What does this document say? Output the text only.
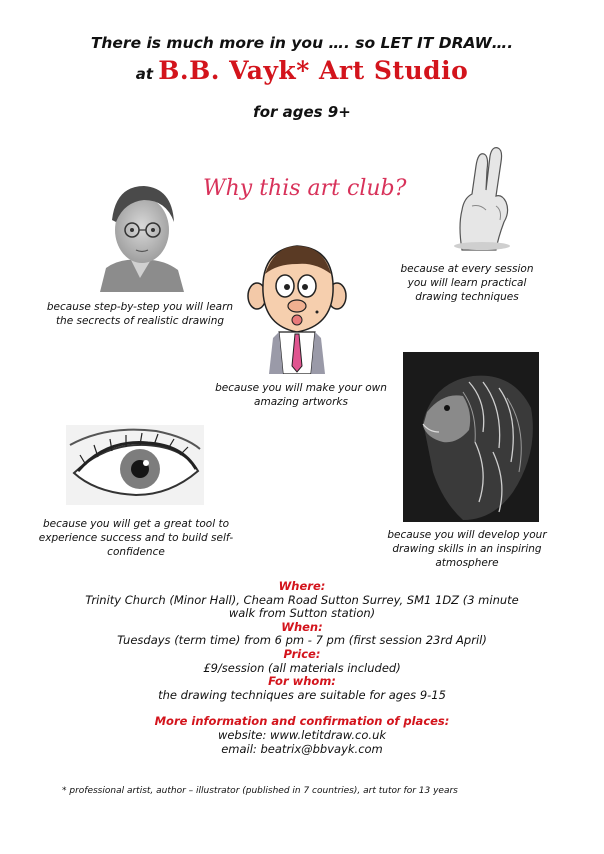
There is much more in you …. so LET IT DRAW….
at B.B. Vayk* Art Studio
for ages 9+
Why this art club?
because step-by-step you will learn the secrects of realistic drawing
because you will make your own amazing artworks
because at every session you will learn practical drawing techniques
because you will get a great tool to experience success and to build self-confidence
because you will develop your drawing skills in an inspiring atmosphere
Where:
Trinity Church (Minor Hall), Cheam Road Sutton Surrey, SM1 1DZ (3 minute walk from Sutton station)
When:
Tuesdays (term time) from 6 pm - 7 pm (first session 23rd April)
Price:
£9/session (all materials included)
For whom:
the drawing techniques are suitable for ages 9-15
More information and confirmation of places:
website: www.letitdraw.co.uk
email: beatrix@bbvayk.com
* professional artist, author – illustrator (published in 7 countries), art tutor for 13 years
